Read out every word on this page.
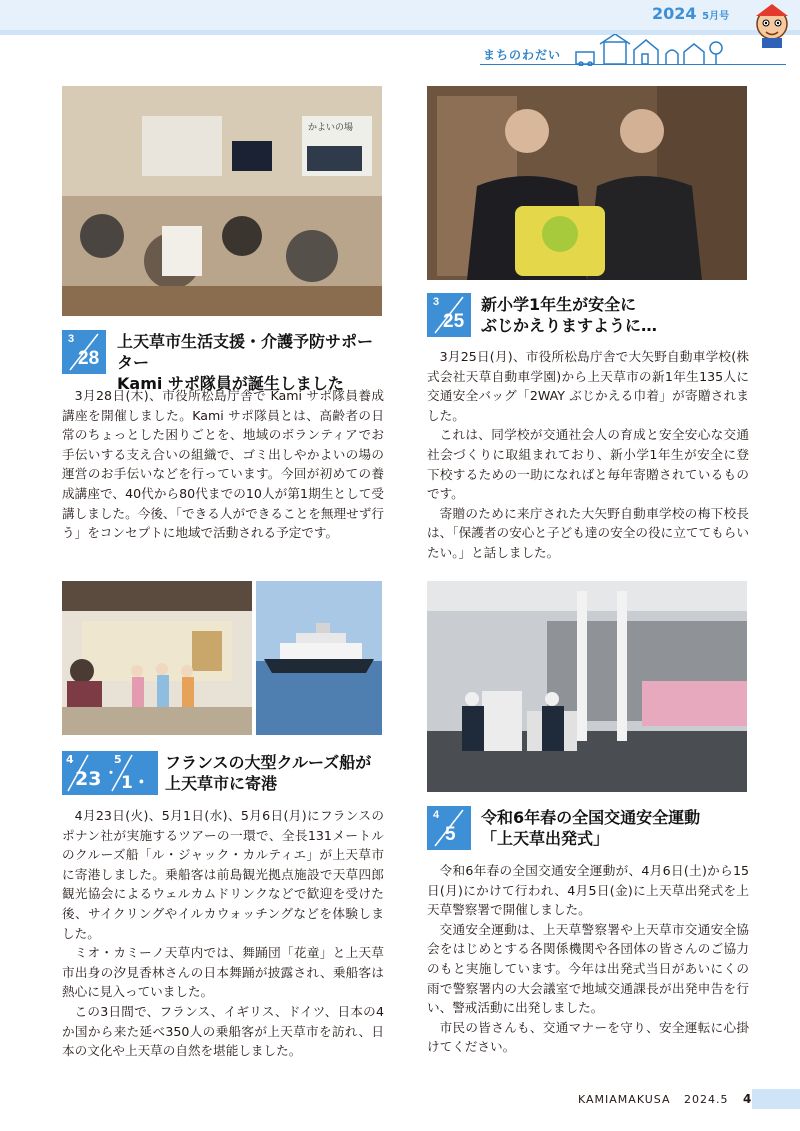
2024 5月号
まちのわだい
かよいの場
3
28
上天草市生活支援・介護予防サポーター
Kami サポ隊員が誕生しました

3月28日(木)、市役所松島庁舎で Kami サポ隊員養成講座を開催しました。Kami サポ隊員とは、高齢者の日常のちょっとした困りごとを、地域のボランティアでお手伝いする支え合いの組織で、ゴミ出しやかよいの場の運営のお手伝いなどを行っています。今回が初めての養成講座で、40代から80代までの10人が第1期生として受講しました。今後、「できる人ができることを無理せず行う」をコンセプトに地域で活動される予定です。

3
25
新小学1年生が安全に
ぶじかえりますように…

3月25日(月)、市役所松島庁舎で大矢野自動車学校(株式会社天草自動車学園)から上天草市の新1年生135人に交通安全バッグ「2WAY ぶじかえる巾着」が寄贈されました。

これは、同学校が交通社会人の育成と安全安心な交通社会づくりに取組まれており、新小学1年生が安全に登下校するための一助になればと毎年寄贈されているものです。

寄贈のために来庁された大矢野自動車学校の梅下校長は、「保護者の安心と子ども達の安全の役に立ててもらいたい。」と話しました。

4
23 ・
5
1・6
フランスの大型クルーズ船が
上天草市に寄港

4月23日(火)、5月1日(水)、5月6日(月)にフランスのポナン社が実施するツアーの一環で、全長131メートルのクルーズ船「ル・ジャック・カルティエ」が上天草市に寄港しました。乗船客は前島観光拠点施設で天草四郎観光協会によるウェルカムドリンクなどで歓迎を受けた後、サイクリングやイルカウォッチングなどを体験しました。

ミオ・カミーノ天草内では、舞踊団「花童」と上天草市出身の汐見香林さんの日本舞踊が披露され、乗船客は熱心に見入っていました。

この3日間で、フランス、イギリス、ドイツ、日本の4か国から来た延べ350人の乗船客が上天草市を訪れ、日本の文化や上天草の自然を堪能しました。

4
5
令和6年春の全国交通安全運動
「上天草出発式」

令和6年春の全国交通安全運動が、4月6日(土)から15日(月)にかけて行われ、4月5日(金)に上天草出発式を上天草警察署で開催しました。

交通安全運動は、上天草警察署や上天草市交通安全協会をはじめとする各関係機関や各団体の皆さんのご協力のもと実施しています。今年は出発式当日があいにくの雨で警察署内の大会議室で地域交通課長が出発申告を行い、警戒活動に出発しました。

市民の皆さんも、交通マナーを守り、安全運転に心掛けてください。

KAMIAMAKUSA 2024.5 4
